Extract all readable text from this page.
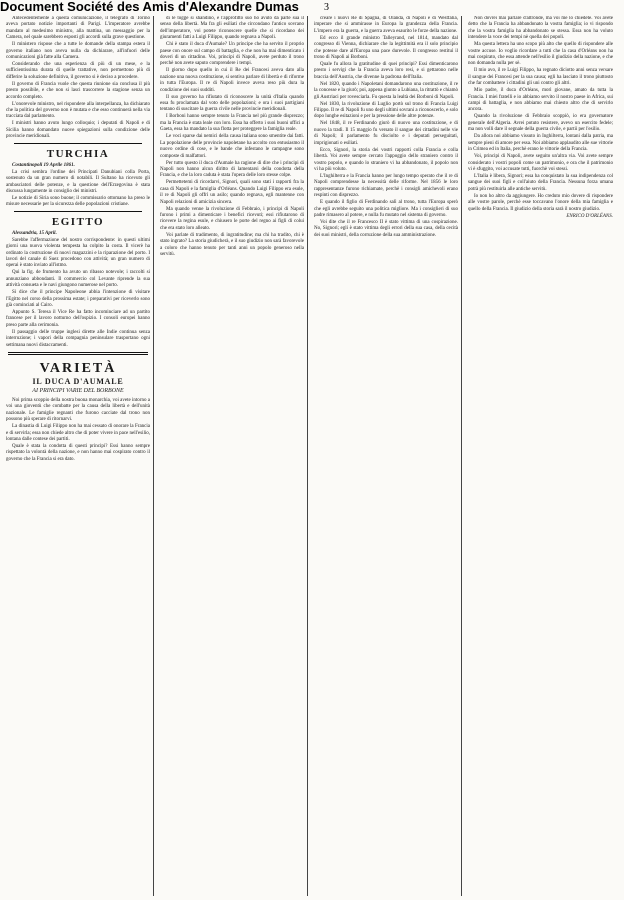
Document Société des Amis d'Alexandre Dumas	3

Antecedentemente a questa comunicazione, il telegrafo di Torino aveva portato notizie importanti di Parigi. L'imperatore avrebbe mandato al medesimo ministro, alla mattina, un messaggio per la Camera, nel quale sarebbero esposti gli accordi sulla grave questione.

Il ministero rispose che a tutte le domande della stampa estera il governo italiano non aveva nulla da dichiarare, all'infuori delle comunicazioni già fatte alla Camera.

Considerando che una esperienza di più di un mese, e la sufficientissima durata di quelle trattative, non permettono più di differire la soluzione definitiva, il governo si è deciso a procedere.

Il governo di Francia vuole che questa riunione sia conclusa il più presto possibile, e che non si lasci trascorrere la stagione senza un accordo completo.

L'onorevole ministro, nel rispondere alla interpellanza, ha dichiarato che la politica del governo non è mutata e che esso continuerà nella via tracciata dal parlamento.

I ministri hanno avuto lungo colloquio; i deputati di Napoli e di Sicilia hanno domandato nuove spiegazioni sulla condizione delle provincie meridionali.

TURCHIA

Costantinopoli 19 Aprile 1861.

La crisi sembra l'ordine dei Principati Danubiani colla Porta, sostenuto da un gran numero di notabili. Il Sultano ha ricevuto gli ambasciatori delle potenze, e la questione dell'Erzegovina è stata discussa lungamente in consiglio dei ministri.

Le notizie di Siria sono buone; il commissario ottomano ha preso le misure necessarie per la sicurezza delle popolazioni cristiane.

EGITTO

Alessandria, 15 April.

Sarebbe l'affermazione del nostro corrispondente: in questi ultimi giorni una nuova violenta tempesta ha colpito la costa. Il vicerè ha ordinato la costruzione di nuovi magazzini e la riparazione del porto. I lavori del canale di Suez procedono con attività; un gran numero di operai è stato inviato all'istmo.

Qui la fig. de frumento ha avuto un ribasso notevole; i raccolti si annunziano abbondanti. Il commercio col Levante riprende la sua attività consueta e le navi giungono numerose nel porto.

Si dice che il principe Napoleone abbia l'intenzione di visitare l'Egitto nel corso della prossima estate; i preparativi per riceverlo sono già cominciati al Cairo.

Appunto S. Teresa il Vice Re ha fatto incominciare ad un partito francese per il lavoro notturno dell'ospizio. I consoli europei hanno preso parte alla cerimonia.

Il passaggio delle truppe inglesi dirette alle Indie continua senza interruzione; i vapori della compagnia peninsulare trasportano ogni settimana nuovi distaccamenti.

VARIETÀ
IL DUCA D'AUMALE
AI PRINCIPI VARIE DEL BORBONE

Noi prima scoppio della nostra buona monarchia, voi avete intorno a voi una gioventù che combatte per la causa della libertà e dell'unità nazionale. Le famiglie regnanti che furono cacciate dal trono non possono più sperare di ritornarvi.

La dinastia di Luigi Filippo non ha mai cessato di onorare la Francia e di servirla; essa non chiede altro che di poter vivere in pace nell'esilio, lontana dalle contese dei partiti.

Quale è stata la condotta di questi principi? Essi hanno sempre rispettato la volontà della nazione, e non hanno mai cospirato contro il governo che la Francia si era dato.

di le togge si shandino, e l'approfitto suo ho avuto da parte sua il senso della libertà. Ma fra gli esiliati che circondano l'antico sovrano dell'imperatore, voi potete riconoscere quelle che si ricordano dei giuramenti fatti a Luigi Filippo, quando regnava a Napoli.

Chi è stato il duca d'Aumale? Un principe che ha servito il proprio paese con onore sul campo di battaglia, e che non ha mai dimenticato i doveri di un cittadino. Voi, principi di Napoli, avete perduto il trono perchè non avete saputo comprendere i tempi.

Il giorno dopo quello in cui il Re dei Francesi aveva dato alla nazione una nuova costituzione, si sentiva parlare di libertà e di riforme in tutta l'Europa. Il re di Napoli invece aveva reso più dura la condizione dei suoi sudditi.

Il suo governo ha rifiutato di riconoscere la unità d'Italia quando essa fu proclamata dal voto delle popolazioni; e ora i suoi partigiani tentano di suscitare la guerra civile nelle provincie meridionali.

I Borboni hanno sempre tenuto la Francia nel più grande disprezzo; ma la Francia è stata leale con loro. Essa ha offerto i suoi buoni uffici a Gaeta, essa ha mandato la sua flotta per proteggere la famiglia reale.

Le voci sparse dai nemici della causa italiana sono smentite dai fatti. La popolazione delle provincie napoletane ha accolto con entusiasmo il nuovo ordine di cose, e le bande che infestano le campagne sono composte di malfattori.

Per tutto questo il duca d'Aumale ha ragione di dire che i principi di Napoli non hanno alcun diritto di lamentarsi della condotta della Francia, e che la loro caduta è stata l'opera delle loro stesse colpe.

Permettetemi di ricordarvi, Signori, quali sono stati i rapporti fra la casa di Napoli e la famiglia d'Orléans. Quando Luigi Filippo era esule, il re di Napoli gli offrì un asilo; quando regnava, egli mantenne con Napoli relazioni di amicizia sincera.

Ma quando venne la rivoluzione di Febbraio, i principi di Napoli furono i primi a dimenticare i benefici ricevuti; essi rifiutarono di ricevere la regina esule, e chiusero le porte del regno ai figli di colui che era stato loro alleato.

Voi parlate di tradimento, di ingratitudine; ma chi ha tradito, chi è stato ingrato? La storia giudicherà, e il suo giudizio non sarà favorevole a coloro che hanno tenuto per tanti anni un popolo generoso nella servitù.

creare i nuovi Re di Spagna, di Olanda, di Napoli e di Westfalia, imperare che si ammirasse in Europa la grandezza della Francia. L'impero era la guerra, e la guerra aveva esaurito le forze della nazione.

Ed ecco il grande ministro Talleyrand, nel 1814, mandato dal congresso di Vienna, dichiarare che la legittimità era il solo principio che potesse dare all'Europa una pace durevole. Il congresso restituì il trono di Napoli ai Borboni.

Quale fu allora la gratitudine di quei principi? Essi dimenticarono presto i servigi che la Francia aveva loro resi, e si gettarono nelle braccia dell'Austria, che divenne la padrona dell'Italia.

Nel 1820, quando i Napoletani domandarono una costituzione, il re la concesse e la giurò; poi, appena giunto a Lubiana, la ritrattò e chiamò gli Austriaci per rovesciarla. Fu questa la lealtà dei Borboni di Napoli.

Nel 1830, la rivoluzione di Luglio portò sul trono di Francia Luigi Filippo. Il re di Napoli fu uno degli ultimi sovrani a riconoscerlo, e solo dopo lunghe esitazioni e per la pressione delle altre potenze.

Nel 1848, il re Ferdinando giurò di nuovo una costituzione, e di nuovo la tradì. Il 15 maggio fu versato il sangue dei cittadini nelle vie di Napoli; il parlamento fu disciolto e i deputati perseguitati, imprigionati o esiliati.

Ecco, Signori, la storia dei vostri rapporti colla Francia e colla libertà. Voi avete sempre cercato l'appoggio dello straniero contro il vostro popolo, e quando lo straniero vi ha abbandonato, il popolo non vi ha più voluto.

L'Inghilterra e la Francia hanno per lungo tempo sperato che il re di Napoli comprendesse la necessità delle riforme. Nel 1856 le loro rappresentanze furono richiamate, perchè i consigli amichevoli erano respinti con disprezzo.

E quando il figlio di Ferdinando salì al trono, tutta l'Europa sperò che egli avrebbe seguito una politica migliore. Ma i consiglieri di suo padre rimasero al potere, e nulla fu mutato nel sistema di governo.

Voi dite che il re Francesco II è stato vittima di una cospirazione. No, Signori; egli è stato vittima degli errori della sua casa, della cecità dei suoi ministri, della corruzione della sua amministrazione.

Non dovrei mai parlare d'altronde, ma voi me lo chiedete. Voi avete detto che la Francia ha abbandonato la vostra famiglia; io vi rispondo che la vostra famiglia ha abbandonato se stessa. Essa non ha voluto intendere la voce dei tempi nè quella dei popoli.

Ma questa lettera ha uno scopo più alto che quello di rispondere alle vostre accuse. Io voglio ricordare a tutti che la casa d'Orléans non ha mai cospirato, che essa attende nell'esilio il giudizio della nazione, e che non domanda nulla per sè.

Il mio avo, il re Luigi Filippo, ha regnato diciotto anni senza versare il sangue dei Francesi per la sua causa; egli ha lasciato il trono piuttosto che far combattere i cittadini gli uni contro gli altri.

Mio padre, il duca d'Orléans, morì giovane, amato da tutta la Francia. I miei fratelli e io abbiamo servito il nostro paese in Africa, sui campi di battaglia, e non abbiamo mai chiesto altro che di servirlo ancora.

Quando la rivoluzione di Febbraio scoppiò, io era governatore generale dell'Algeria. Avrei potuto resistere, avevo un esercito fedele; ma non volli dare il segnale della guerra civile, e partii per l'esilio.

Da allora noi abbiamo vissuto in Inghilterra, lontani dalla patria, ma sempre pieni di amore per essa. Noi abbiamo applaudito alle sue vittorie in Crimea ed in Italia, perchè erano le vittorie della Francia.

Voi, principi di Napoli, avete seguito un'altra via. Voi avete sempre considerato i vostri popoli come un patrimonio, e ora che il patrimonio vi è sfuggito, voi accusate tutti, fuorchè voi stessi.

L'Italia è libera, Signori; essa ha conquistato la sua indipendenza col sangue dei suoi figli e coll'aiuto della Francia. Nessuna forza umana potrà più restituirla alle antiche servitù.

Io non ho altro da aggiungere. Ho creduto mio dovere di rispondere alle vostre parole, perchè esse toccavano l'onore della mia famiglia e quello della Francia. Il giudizio della storia sarà il nostro giudizio.

ENRICO D'ORLÉANS.
